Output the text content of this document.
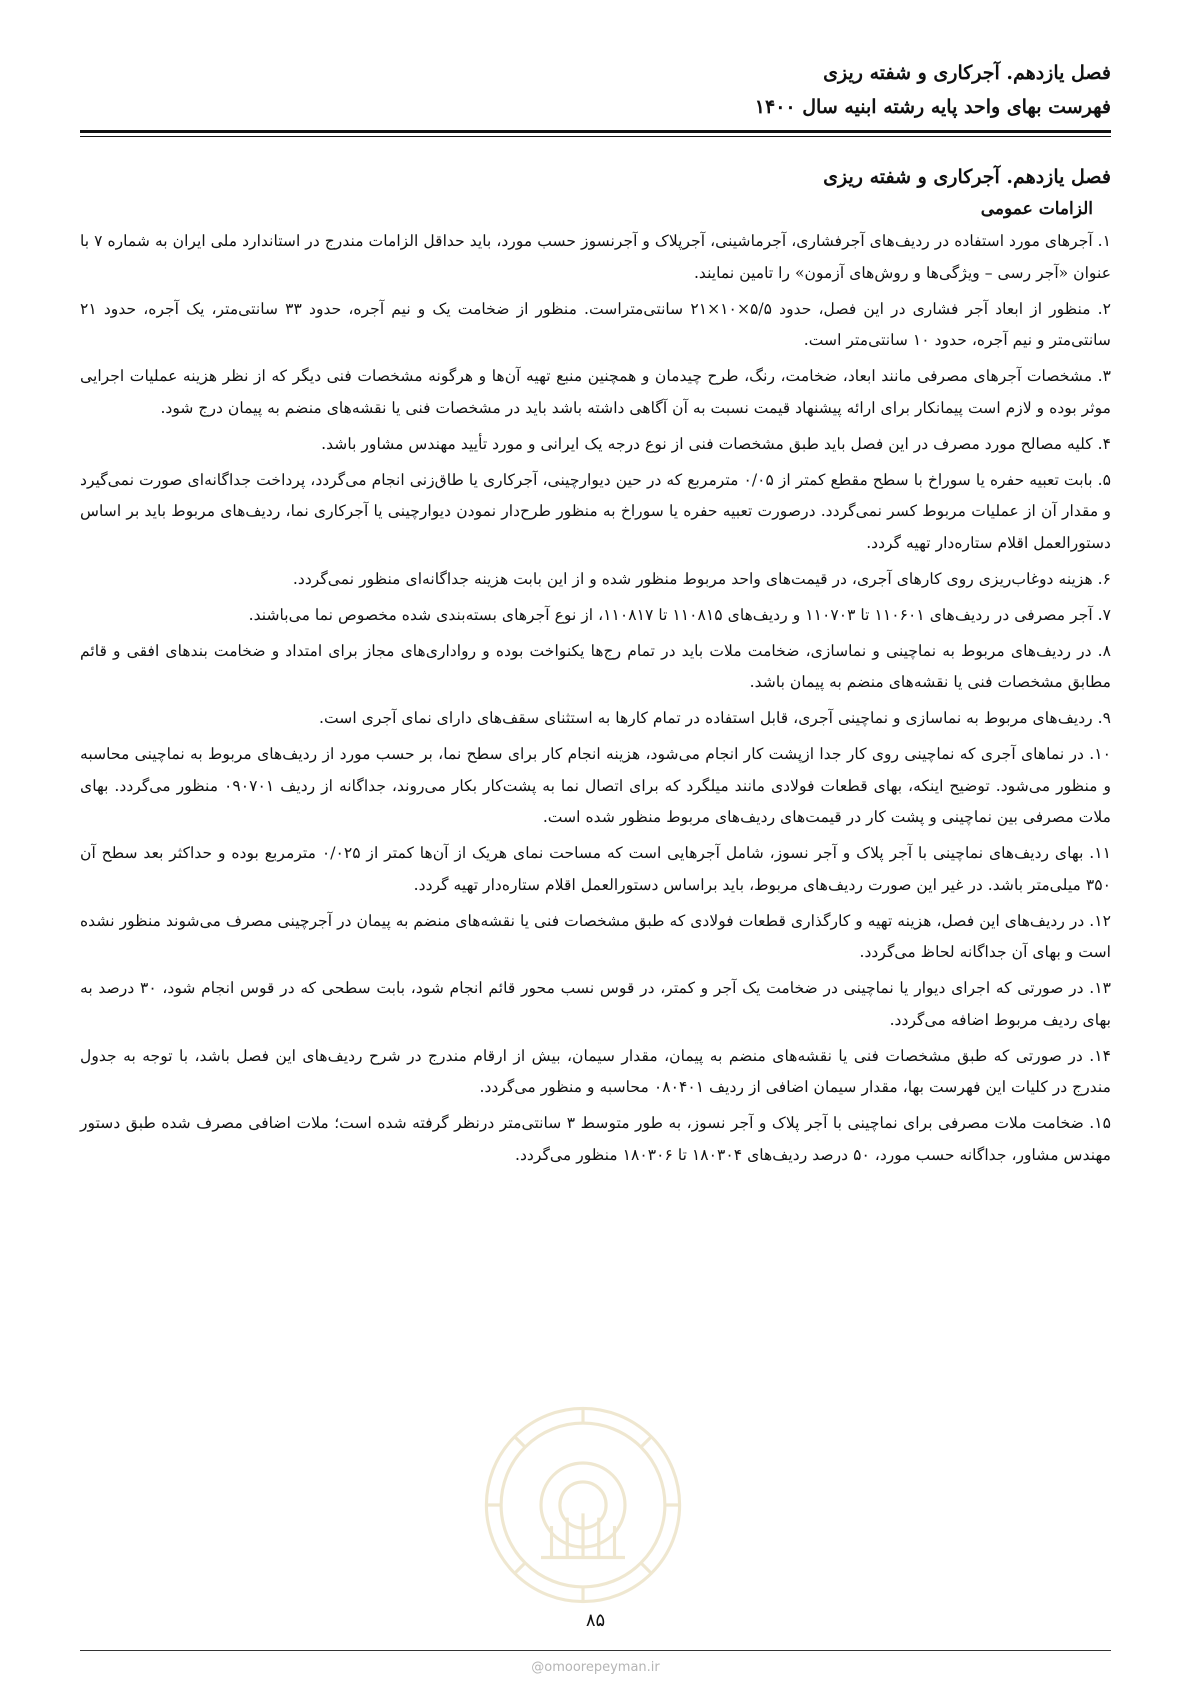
فصل یازدهم. آجرکاری و شفته ریزی
فهرست بهای واحد پایه رشته ابنیه سال ۱۴۰۰
فصل یازدهم. آجرکاری و شفته ریزی
الزامات عمومی

۱. آجرهای مورد استفاده در ردیف‌های آجرفشاری، آجرماشینی، آجرپلاک و آجرنسوز حسب مورد، باید حداقل الزامات مندرج در استاندارد ملی ایران به شماره ۷ با عنوان «آجر رسی – ویژگی‌ها و روش‌های آزمون» را تامین نمایند.

۲. منظور از ابعاد آجر فشاری در این فصل، حدود ۵/۵×۱۰×۲۱ سانتی‌متراست. منظور از ضخامت یک و نیم آجره، حدود ۳۳ سانتی‌متر، یک آجره، حدود ۲۱ سانتی‌متر و نیم آجره، حدود ۱۰ سانتی‌متر است.

۳. مشخصات آجرهای مصرفی مانند ابعاد، ضخامت، رنگ، طرح چیدمان و همچنین منبع تهیه آن‌ها و هرگونه مشخصات فنی دیگر که از نظر هزینه عملیات اجرایی موثر بوده و لازم است پیمانکار برای ارائه پیشنهاد قیمت نسبت به آن آگاهی داشته باشد باید در مشخصات فنی یا نقشه‌های منضم به پیمان درج شود.

۴. کلیه مصالح مورد مصرف در این فصل باید طبق مشخصات فنی از نوع درجه یک ایرانی و مورد تأیید مهندس مشاور باشد.

۵. بابت تعبیه حفره یا سوراخ با سطح مقطع کمتر از ۰/۰۵ مترمربع که در حین دیوارچینی، آجرکاری یا طاق‌زنی انجام می‌گردد، پرداخت جداگانه‌ای صورت نمی‌گیرد و مقدار آن از عملیات مربوط کسر نمی‌گردد. درصورت تعبیه حفره یا سوراخ به منظور طرح‌دار نمودن دیوارچینی یا آجرکاری نما، ردیف‌های مربوط باید بر اساس دستورالعمل اقلام ستاره‌دار تهیه گردد.

۶. هزینه دوغاب‌ریزی روی کارهای آجری، در قیمت‌های واحد مربوط منظور شده و از این بابت هزینه جداگانه‌ای منظور نمی‌گردد.

۷. آجر مصرفی در ردیف‌های ۱۱۰۶۰۱ تا ۱۱۰۷۰۳ و ردیف‌های ۱۱۰۸۱۵ تا ۱۱۰۸۱۷، از نوع آجرهای بسته‌بندی شده مخصوص نما می‌باشند.

۸. در ردیف‌های مربوط به نماچینی و نماسازی، ضخامت ملات باید در تمام رج‌ها یکنواخت بوده و رواداری‌های مجاز برای امتداد و ضخامت بندهای افقی و قائم مطابق مشخصات فنی یا نقشه‌های منضم به پیمان باشد.

۹. ردیف‌های مربوط به نماسازی و نماچینی آجری، قابل استفاده در تمام کارها به استثنای سقف‌های دارای نمای آجری است.

۱۰. در نماهای آجری که نماچینی روی کار جدا ازپشت کار انجام می‌شود، هزینه انجام کار برای سطح نما، بر حسب مورد از ردیف‌های مربوط به نماچینی محاسبه و منظور می‌شود. توضیح اینکه، بهای قطعات فولادی مانند میلگرد که برای اتصال نما به پشت‌کار بکار می‌روند، جداگانه از ردیف ۰۹۰۷۰۱ منظور می‌گردد. بهای ملات مصرفی بین نماچینی و پشت کار در قیمت‌های ردیف‌های مربوط منظور شده است.

۱۱. بهای ردیف‌های نماچینی با آجر پلاک و آجر نسوز، شامل آجرهایی است که مساحت نمای هریک از آن‌ها کمتر از ۰/۰۲۵ مترمربع بوده و حداکثر بعد سطح آن ۳۵۰ میلی‌متر باشد. در غیر این صورت ردیف‌های مربوط، باید براساس دستورالعمل اقلام ستاره‌دار تهیه گردد.

۱۲. در ردیف‌های این فصل، هزینه تهیه و کارگذاری قطعات فولادی که طبق مشخصات فنی یا نقشه‌های منضم به پیمان در آجرچینی مصرف می‌شوند منظور نشده است و بهای آن جداگانه لحاظ می‌گردد.

۱۳. در صورتی که اجرای دیوار یا نماچینی در ضخامت یک آجر و کمتر، در قوس نسب محور قائم انجام شود، بابت سطحی که در قوس انجام شود، ۳۰ درصد به بهای ردیف مربوط اضافه می‌گردد.

۱۴. در صورتی که طبق مشخصات فنی یا نقشه‌های منضم به پیمان، مقدار سیمان، بیش از ارقام مندرج در شرح ردیف‌های این فصل باشد، با توجه به جدول مندرج در کلیات این فهرست بها، مقدار سیمان اضافی از ردیف ۰۸۰۴۰۱ محاسبه و منظور می‌گردد.

۱۵. ضخامت ملات مصرفی برای نماچینی با آجر پلاک و آجر نسوز، به طور متوسط ۳ سانتی‌متر درنظر گرفته شده است؛ ملات اضافی مصرف شده طبق دستور مهندس مشاور، جداگانه حسب مورد، ۵۰ درصد ردیف‌های ۱۸۰۳۰۴ تا ۱۸۰۳۰۶ منظور می‌گردد.

۸۵
@omoorepeyman.ir
